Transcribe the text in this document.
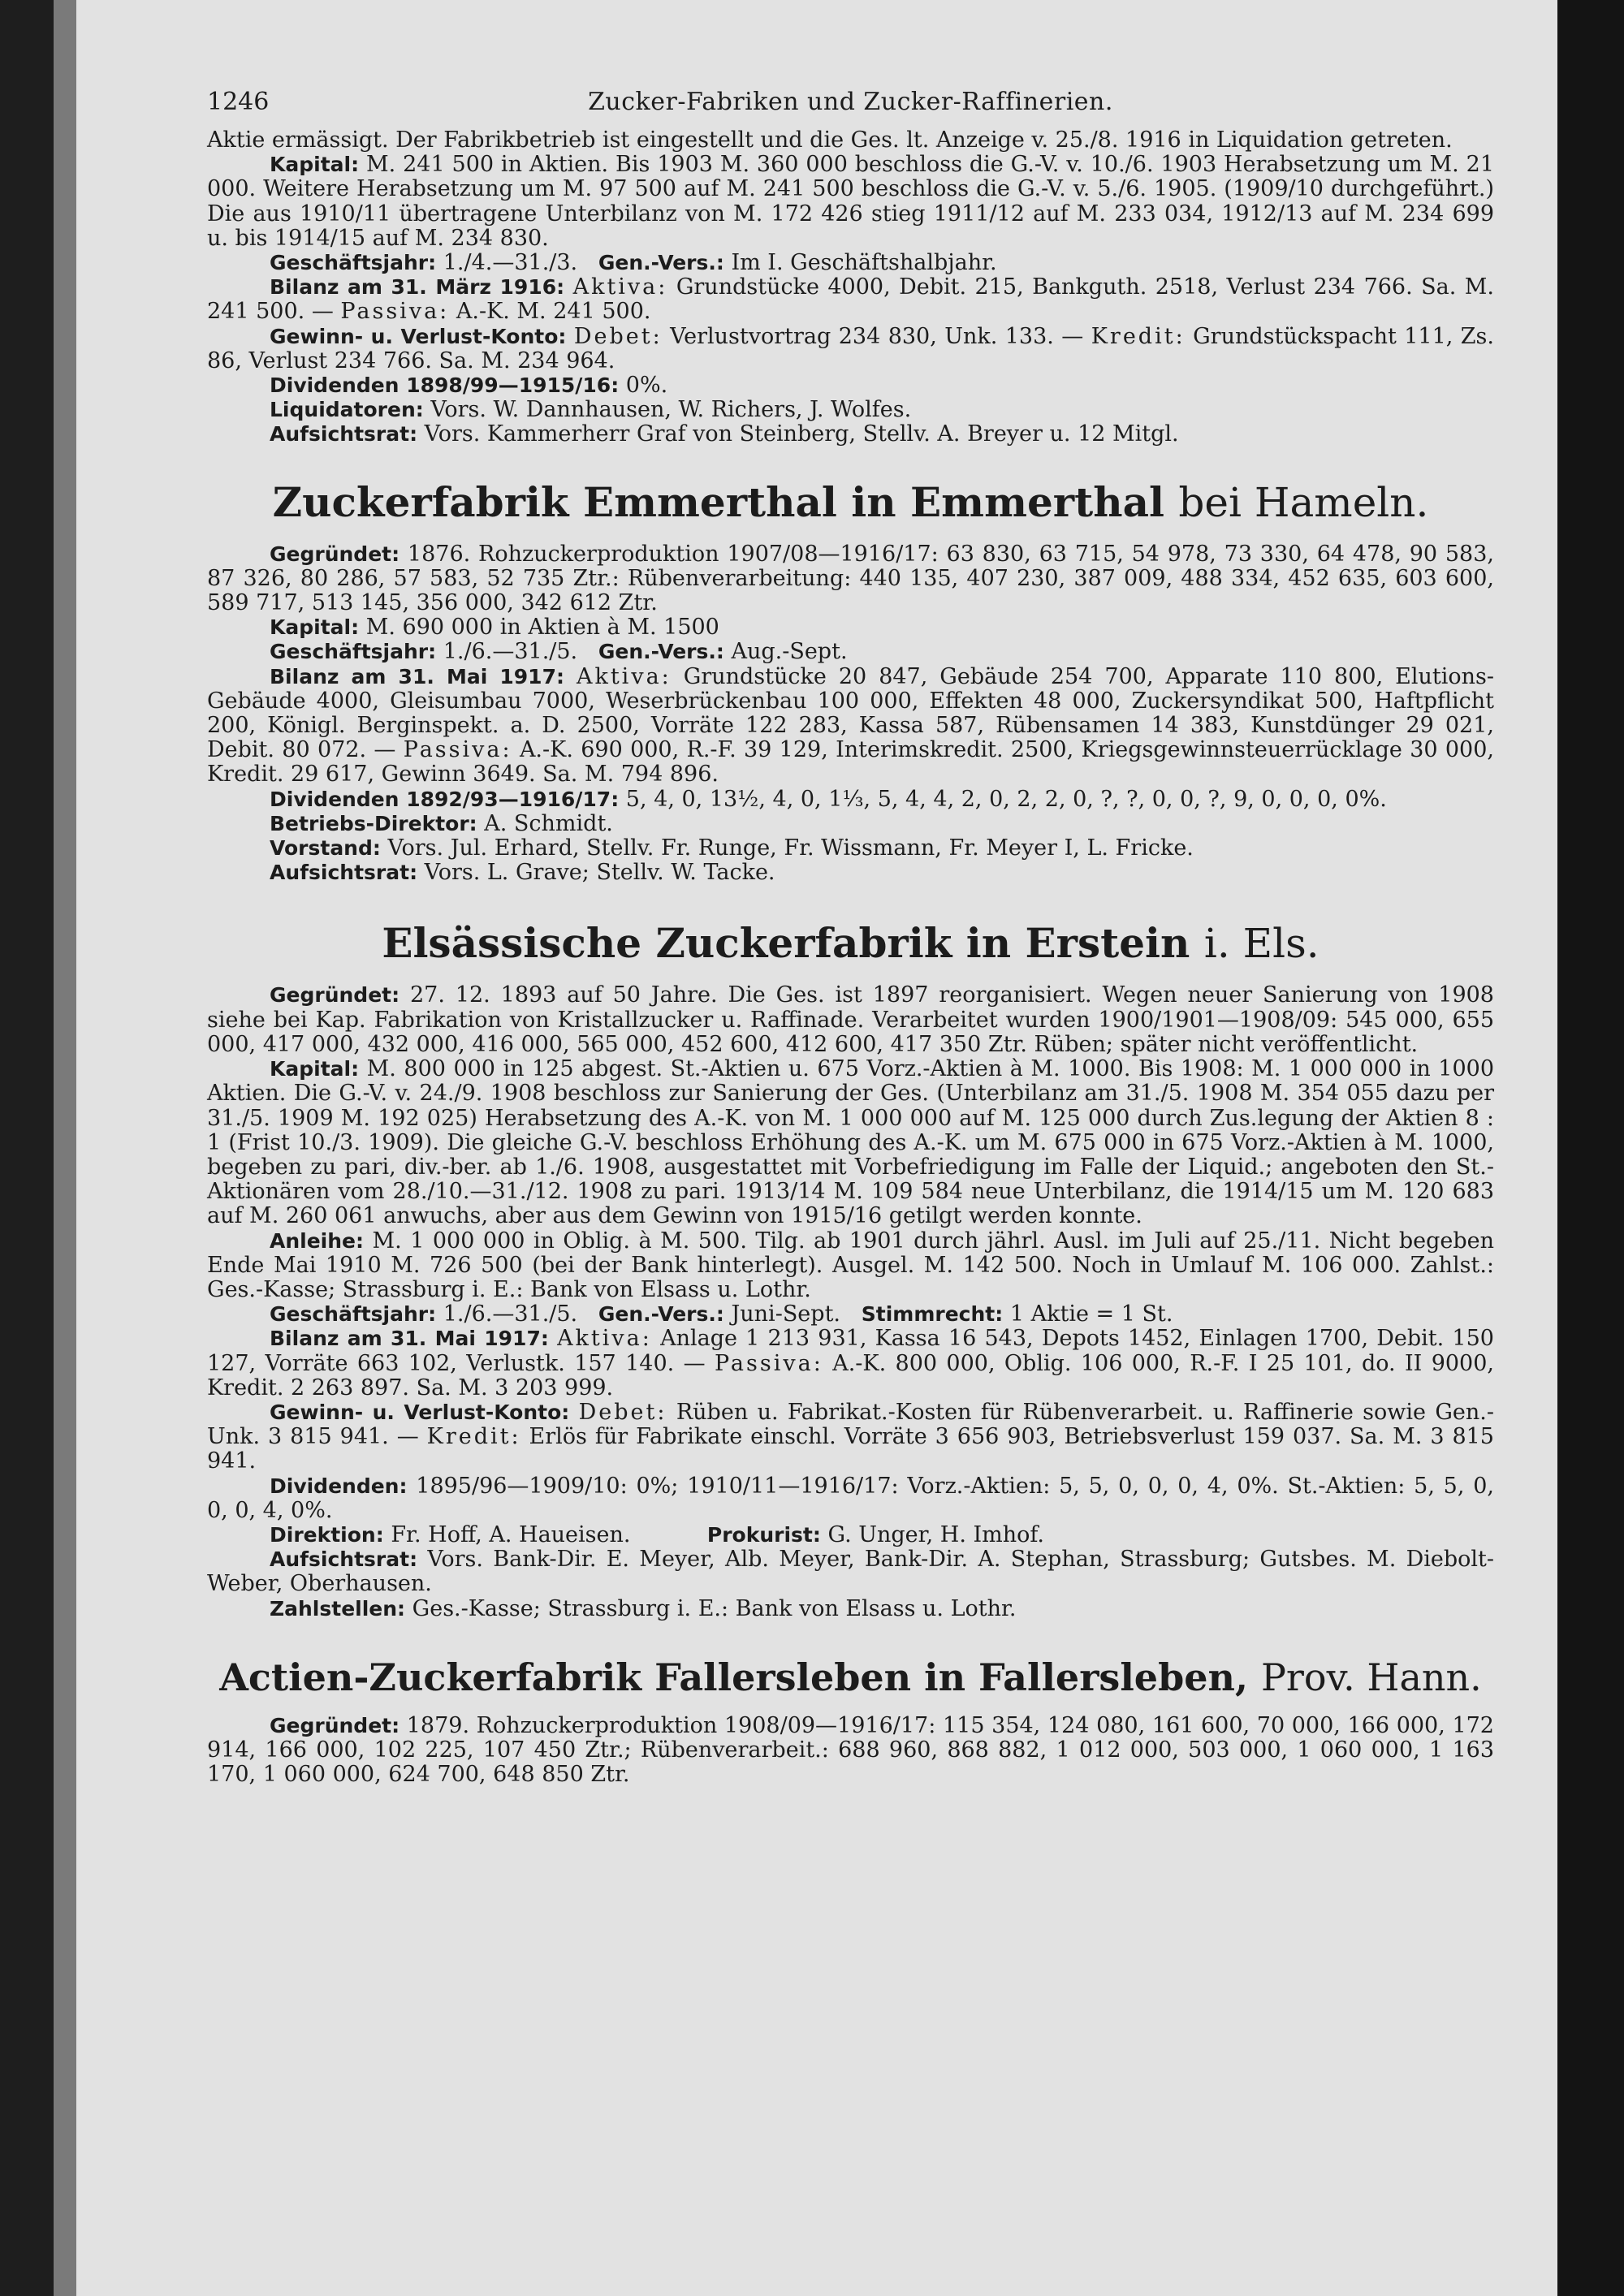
1246	Zucker-Fabriken und Zucker-Raffinerien.

Aktie ermässigt. Der Fabrikbetrieb ist eingestellt und die Ges. lt. Anzeige v. 25./8. 1916 in Liquidation getreten.

Kapital: M. 241 500 in Aktien. Bis 1903 M. 360 000 beschloss die G.-V. v. 10./6. 1903 Herabsetzung um M. 21 000. Weitere Herabsetzung um M. 97 500 auf M. 241 500 beschloss die G.-V. v. 5./6. 1905. (1909/10 durchgeführt.) Die aus 1910/11 übertragene Unterbilanz von M. 172 426 stieg 1911/12 auf M. 233 034, 1912/13 auf M. 234 699 u. bis 1914/15 auf M. 234 830.

Geschäftsjahr: 1./4.—31./3. Gen.-Vers.: Im I. Geschäftshalbjahr.

Bilanz am 31. März 1916: Aktiva: Grundstücke 4000, Debit. 215, Bankguth. 2518, Verlust 234 766. Sa. M. 241 500. — Passiva: A.-K. M. 241 500.

Gewinn- u. Verlust-Konto: Debet: Verlustvortrag 234 830, Unk. 133. — Kredit: Grundstückspacht 111, Zs. 86, Verlust 234 766. Sa. M. 234 964.

Dividenden 1898/99—1915/16: 0%.

Liquidatoren: Vors. W. Dannhausen, W. Richers, J. Wolfes.

Aufsichtsrat: Vors. Kammerherr Graf von Steinberg, Stellv. A. Breyer u. 12 Mitgl.

Zuckerfabrik Emmerthal in Emmerthal bei Hameln.

Gegründet: 1876. Rohzuckerproduktion 1907/08—1916/17: 63 830, 63 715, 54 978, 73 330, 64 478, 90 583, 87 326, 80 286, 57 583, 52 735 Ztr.: Rübenverarbeitung: 440 135, 407 230, 387 009, 488 334, 452 635, 603 600, 589 717, 513 145, 356 000, 342 612 Ztr.

Kapital: M. 690 000 in Aktien à M. 1500

Geschäftsjahr: 1./6.—31./5. Gen.-Vers.: Aug.-Sept.

Bilanz am 31. Mai 1917: Aktiva: Grundstücke 20 847, Gebäude 254 700, Apparate 110 800, Elutions-Gebäude 4000, Gleisumbau 7000, Weserbrückenbau 100 000, Effekten 48 000, Zuckersyndikat 500, Haftpflicht 200, Königl. Berginspekt. a. D. 2500, Vorräte 122 283, Kassa 587, Rübensamen 14 383, Kunstdünger 29 021, Debit. 80 072. — Passiva: A.-K. 690 000, R.-F. 39 129, Interimskredit. 2500, Kriegsgewinnsteuerrücklage 30 000, Kredit. 29 617, Gewinn 3649. Sa. M. 794 896.

Dividenden 1892/93—1916/17: 5, 4, 0, 13½, 4, 0, 1⅓, 5, 4, 4, 2, 0, 2, 2, 0, ?, ?, 0, 0, ?, 9, 0, 0, 0, 0%.

Betriebs-Direktor: A. Schmidt.

Vorstand: Vors. Jul. Erhard, Stellv. Fr. Runge, Fr. Wissmann, Fr. Meyer I, L. Fricke.

Aufsichtsrat: Vors. L. Grave; Stellv. W. Tacke.

Elsässische Zuckerfabrik in Erstein i. Els.

Gegründet: 27. 12. 1893 auf 50 Jahre. Die Ges. ist 1897 reorganisiert. Wegen neuer Sanierung von 1908 siehe bei Kap. Fabrikation von Kristallzucker u. Raffinade. Verarbeitet wurden 1900/1901—1908/09: 545 000, 655 000, 417 000, 432 000, 416 000, 565 000, 452 600, 412 600, 417 350 Ztr. Rüben; später nicht veröffentlicht.

Kapital: M. 800 000 in 125 abgest. St.-Aktien u. 675 Vorz.-Aktien à M. 1000. Bis 1908: M. 1 000 000 in 1000 Aktien. Die G.-V. v. 24./9. 1908 beschloss zur Sanierung der Ges. (Unterbilanz am 31./5. 1908 M. 354 055 dazu per 31./5. 1909 M. 192 025) Herabsetzung des A.-K. von M. 1 000 000 auf M. 125 000 durch Zus.legung der Aktien 8 : 1 (Frist 10./3. 1909). Die gleiche G.-V. beschloss Erhöhung des A.-K. um M. 675 000 in 675 Vorz.-Aktien à M. 1000, begeben zu pari, div.-ber. ab 1./6. 1908, ausgestattet mit Vorbefriedigung im Falle der Liquid.; angeboten den St.-Aktionären vom 28./10.—31./12. 1908 zu pari. 1913/14 M. 109 584 neue Unterbilanz, die 1914/15 um M. 120 683 auf M. 260 061 anwuchs, aber aus dem Gewinn von 1915/16 getilgt werden konnte.

Anleihe: M. 1 000 000 in Oblig. à M. 500. Tilg. ab 1901 durch jährl. Ausl. im Juli auf 25./11. Nicht begeben Ende Mai 1910 M. 726 500 (bei der Bank hinterlegt). Ausgel. M. 142 500. Noch in Umlauf M. 106 000. Zahlst.: Ges.-Kasse; Strassburg i. E.: Bank von Elsass u. Lothr.

Geschäftsjahr: 1./6.—31./5. Gen.-Vers.: Juni-Sept. Stimmrecht: 1 Aktie = 1 St.

Bilanz am 31. Mai 1917: Aktiva: Anlage 1 213 931, Kassa 16 543, Depots 1452, Einlagen 1700, Debit. 150 127, Vorräte 663 102, Verlustk. 157 140. — Passiva: A.-K. 800 000, Oblig. 106 000, R.-F. I 25 101, do. II 9000, Kredit. 2 263 897. Sa. M. 3 203 999.

Gewinn- u. Verlust-Konto: Debet: Rüben u. Fabrikat.-Kosten für Rübenverarbeit. u. Raffinerie sowie Gen.-Unk. 3 815 941. — Kredit: Erlös für Fabrikate einschl. Vorräte 3 656 903, Betriebsverlust 159 037. Sa. M. 3 815 941.

Dividenden: 1895/96—1909/10: 0%; 1910/11—1916/17: Vorz.-Aktien: 5, 5, 0, 0, 0, 4, 0%. St.-Aktien: 5, 5, 0, 0, 0, 4, 0%.

Direktion: Fr. Hoff, A. Haueisen.	Prokurist: G. Unger, H. Imhof.

Aufsichtsrat: Vors. Bank-Dir. E. Meyer, Alb. Meyer, Bank-Dir. A. Stephan, Strassburg; Gutsbes. M. Diebolt-Weber, Oberhausen.

Zahlstellen: Ges.-Kasse; Strassburg i. E.: Bank von Elsass u. Lothr.

Actien-Zuckerfabrik Fallersleben in Fallersleben, Prov. Hann.

Gegründet: 1879. Rohzuckerproduktion 1908/09—1916/17: 115 354, 124 080, 161 600, 70 000, 166 000, 172 914, 166 000, 102 225, 107 450 Ztr.; Rübenverarbeit.: 688 960, 868 882, 1 012 000, 503 000, 1 060 000, 1 163 170, 1 060 000, 624 700, 648 850 Ztr.
